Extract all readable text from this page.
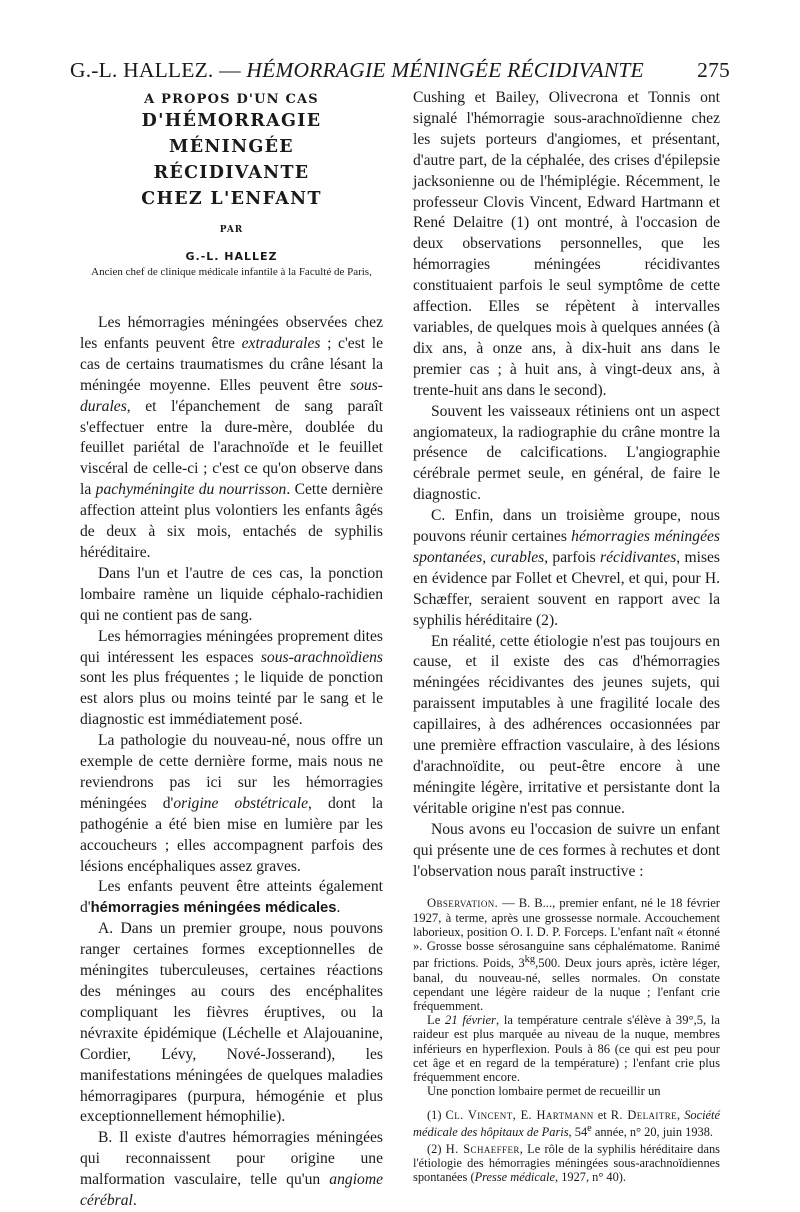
G.-L. HALLEZ. — HÉMORRAGIE MÉNINGÉE RÉCIDIVANTE 275
A PROPOS D'UN CAS
D'HÉMORRAGIE MÉNINGÉE
RÉCIDIVANTE
CHEZ L'ENFANT
PAR
G.-L. HALLEZ
Ancien chef de clinique médicale infantile à la Faculté de Paris,

Les hémorragies méningées observées chez les enfants peuvent être extradurales ; c'est le cas de certains traumatismes du crâne lésant la méningée moyenne. Elles peuvent être sous-durales, et l'épanchement de sang paraît s'effectuer entre la dure-mère, doublée du feuillet pariétal de l'arachnoïde et le feuillet viscéral de celle-ci ; c'est ce qu'on observe dans la pachyméningite du nourrisson. Cette dernière affection atteint plus volontiers les enfants âgés de deux à six mois, entachés de syphilis héréditaire.

Dans l'un et l'autre de ces cas, la ponction lombaire ramène un liquide céphalo-rachidien qui ne contient pas de sang.

Les hémorragies méningées proprement dites qui intéressent les espaces sous-arachnoïdiens sont les plus fréquentes ; le liquide de ponction est alors plus ou moins teinté par le sang et le diagnostic est immédiatement posé.

La pathologie du nouveau-né, nous offre un exemple de cette dernière forme, mais nous ne reviendrons pas ici sur les hémorragies méningées d'origine obstétricale, dont la pathogénie a été bien mise en lumière par les accoucheurs ; elles accompagnent parfois des lésions encéphaliques assez graves.

Les enfants peuvent être atteints également d'hémorragies méningées médicales.

A. Dans un premier groupe, nous pouvons ranger certaines formes exceptionnelles de méningites tuberculeuses, certaines réactions des méninges au cours des encéphalites compliquant les fièvres éruptives, ou la névraxite épidémique (Léchelle et Alajouanine, Cordier, Lévy, Nové-Josserand), les manifestations méningées de quelques maladies hémorragipares (purpura, hémogénie et plus exceptionnellement hémophilie).

B. Il existe d'autres hémorragies méningées qui reconnaissent pour origine une malformation vasculaire, telle qu'un angiome cérébral.

Cushing et Bailey, Olivecrona et Tonnis ont signalé l'hémorragie sous-arachnoïdienne chez les sujets porteurs d'angiomes, et présentant, d'autre part, de la céphalée, des crises d'épilepsie jacksonienne ou de l'hémiplégie. Récemment, le professeur Clovis Vincent, Edward Hartmann et René Delaitre (1) ont montré, à l'occasion de deux observations personnelles, que les hémorragies méningées récidivantes constituaient parfois le seul symptôme de cette affection. Elles se répètent à intervalles variables, de quelques mois à quelques années (à dix ans, à onze ans, à dix-huit ans dans le premier cas ; à huit ans, à vingt-deux ans, à trente-huit ans dans le second).

Souvent les vaisseaux rétiniens ont un aspect angiomateux, la radiographie du crâne montre la présence de calcifications. L'angiographie cérébrale permet seule, en général, de faire le diagnostic.

C. Enfin, dans un troisième groupe, nous pouvons réunir certaines hémorragies méningées spontanées, curables, parfois récidivantes, mises en évidence par Follet et Chevrel, et qui, pour H. Schæffer, seraient souvent en rapport avec la syphilis héréditaire (2).

En réalité, cette étiologie n'est pas toujours en cause, et il existe des cas d'hémorragies méningées récidivantes des jeunes sujets, qui paraissent imputables à une fragilité locale des capillaires, à des adhérences occasionnées par une première effraction vasculaire, à des lésions d'arachnoïdite, ou peut-être encore à une méningite légère, irritative et persistante dont la véritable origine n'est pas connue.

Nous avons eu l'occasion de suivre un enfant qui présente une de ces formes à rechutes et dont l'observation nous paraît instructive :

Observation. — B. B..., premier enfant, né le 18 février 1927, à terme, après une grossesse normale. Accouchement laborieux, position O. I. D. P. Forceps. L'enfant naît « étonné ». Grosse bosse sérosanguine sans céphalématome. Ranimé par frictions. Poids, $3^{kg},500$. Deux jours après, ictère léger, banal, du nouveau-né, selles normales. On constate cependant une légère raideur de la nuque ; l'enfant crie fréquemment.

Le 21 février, la température centrale s'élève à 39°,5, la raideur est plus marquée au niveau de la nuque, membres inférieurs en hyperflexion. Pouls à 86 (ce qui est peu pour cet âge et en regard de la température) ; l'enfant crie plus fréquemment encore.

Une ponction lombaire permet de recueillir un

(1) Cl. Vincent, E. Hartmann et R. Delaitre, Société médicale des hôpitaux de Paris, 54e année, n° 20, juin 1938.

(2) H. Schaeffer, Le rôle de la syphilis héréditaire dans l'étiologie des hémorragies méningées sous-arachnoïdiennes spontanées (Presse médicale, 1927, n° 40).
